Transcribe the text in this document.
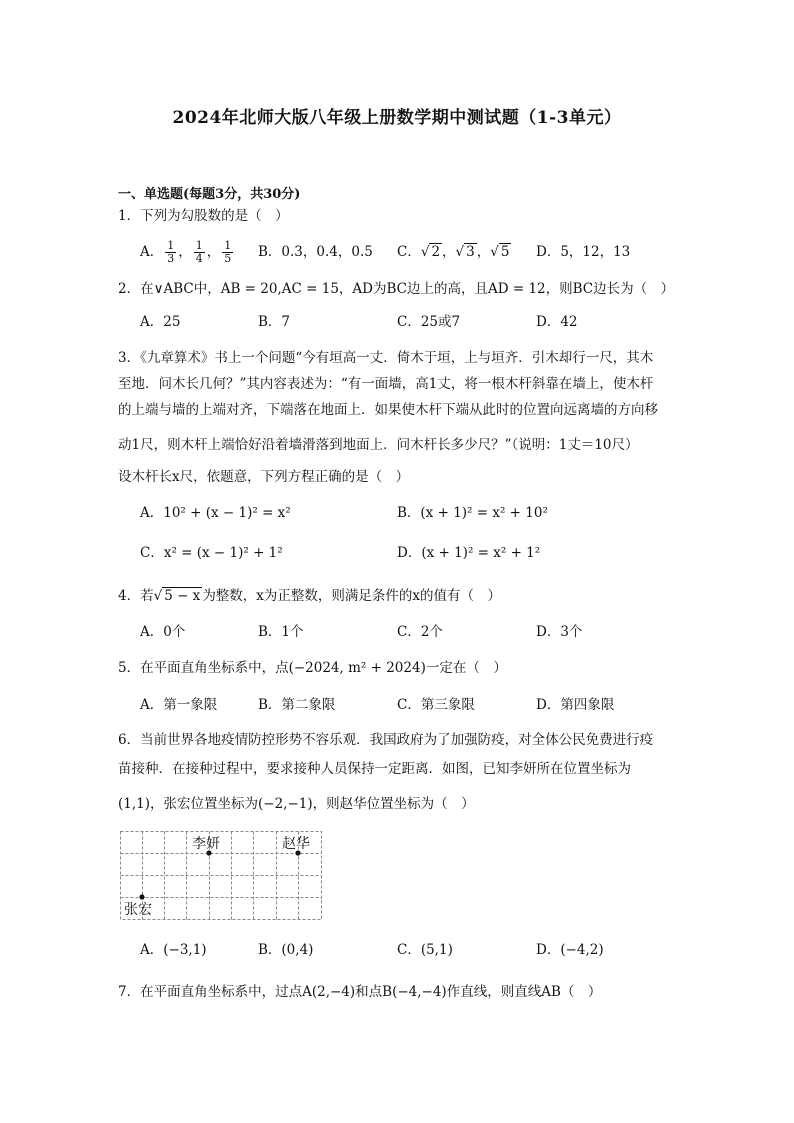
2024年北师大版八年级上册数学期中测试题（1-3单元）
一、单选题(每题3分，共30分)
1．下列为勾股数的是（　）
A． $\frac{1}{3}$ ， $\frac{1}{4}$ ， $\frac{1}{5}$ B．0.3，0.4，0.5 C．√ 2 ，√ 3 ，√ 5 D．5，12，13
2．在∨ABC中，AB = 20,AC = 15，AD为BC边上的高，且AD = 12，则BC边长为（　）
A．25	B．7	C．25或7	D．42
3．《九章算术》书上一个问题“今有垣高一丈．倚木于垣，上与垣齐．引木却行一尺，其木
至地．问木长几何？”其内容表述为：“有一面墙，高1丈，将一根木杆斜靠在墙上，使木杆
的上端与墙的上端对齐，下端落在地面上．如果使木杆下端从此时的位置向远离墙的方向移
动1尺，则木杆上端恰好沿着墙滑落到地面上．问木杆长多少尺？”（说明：1丈＝10尺）
设木杆长x尺，依题意，下列方程正确的是（　）
A．10² + (x − 1)² = x²	B．(x + 1)² = x² + 10²
C．x² = (x − 1)² + 1²	D．(x + 1)² = x² + 1²
4．若√ 5 − x 为整数，x为正整数，则满足条件的x的值有（　）
A．0个	B．1个	C．2个	D．3个
5．在平面直角坐标系中，点(−2024, m² + 2024)一定在（　）
A．第一象限	B．第二象限	C．第三象限	D．第四象限
6．当前世界各地疫情防控形势不容乐观．我国政府为了加强防疫，对全体公民免费进行疫
苗接种．在接种过程中，要求接种人员保持一定距离．如图，已知李妍所在位置坐标为
(1,1)，张宏位置坐标为(−2,−1)，则赵华位置坐标为（　）
李妍	赵华
张宏
A．(−3,1)	B．(0,4)	C．(5,1)	D．(−4,2)
7．在平面直角坐标系中，过点A(2,−4)和点B(−4,−4)作直线，则直线AB（　）
